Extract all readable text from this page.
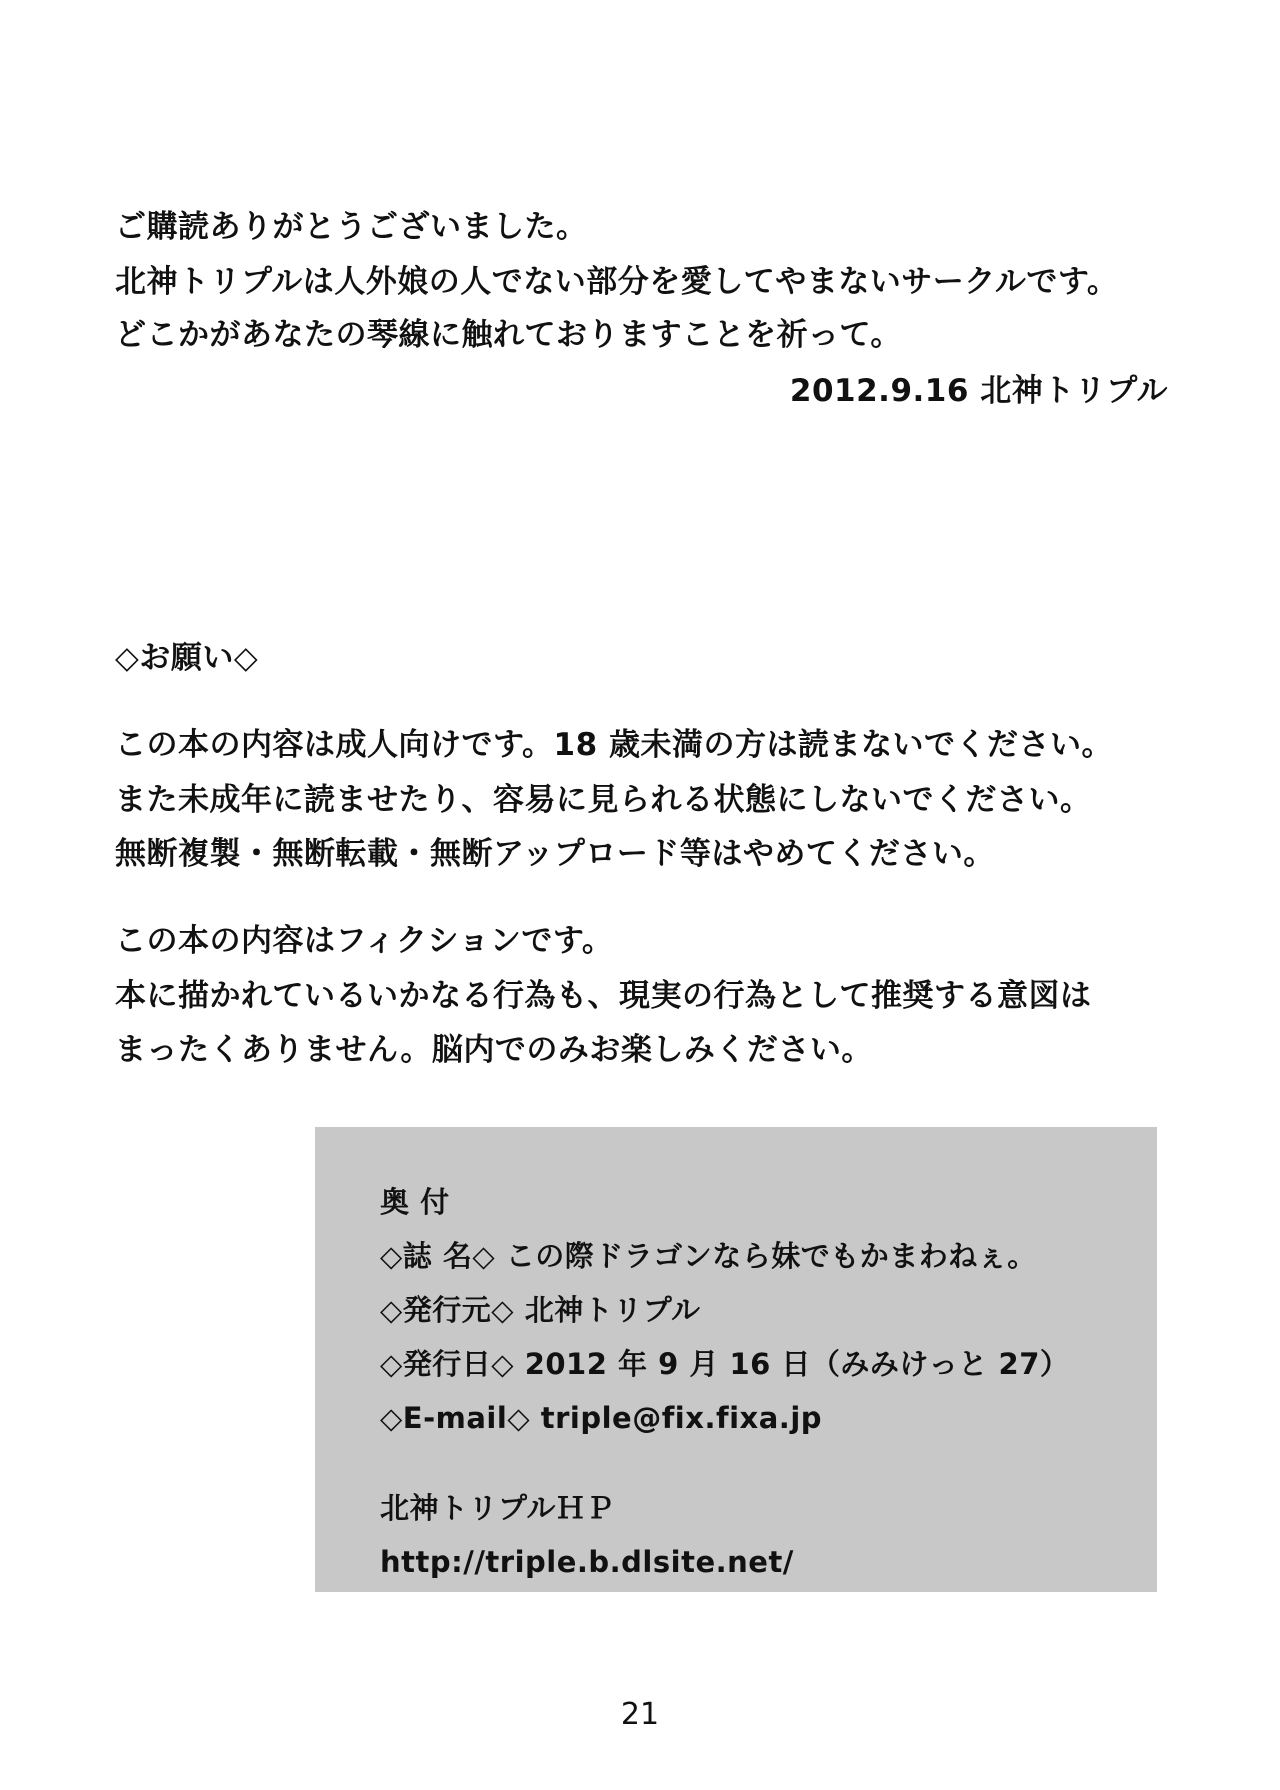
ご購読ありがとうございました。
北神トリプルは人外娘の人でない部分を愛してやまないサークルです。
どこかがあなたの琴線に触れておりますことを祈って。
2012.9.16 北神トリプル
◇お願い◇
この本の内容は成人向けです。18 歳未満の方は読まないでください。
また未成年に読ませたり、容易に見られる状態にしないでください。
無断複製・無断転載・無断アップロード等はやめてください。
この本の内容はフィクションです。
本に描かれているいかなる行為も、現実の行為として推奨する意図は
まったくありません。脳内でのみお楽しみください。
奥 付
◇誌 名◇ この際ドラゴンなら妹でもかまわねぇ。
◇発行元◇ 北神トリプル
◇発行日◇ 2012 年 9 月 16 日（みみけっと 27）
◇E-mail◇ triple@fix.fixa.jp
北神トリプルＨＰ
http://triple.b.dlsite.net/
21
